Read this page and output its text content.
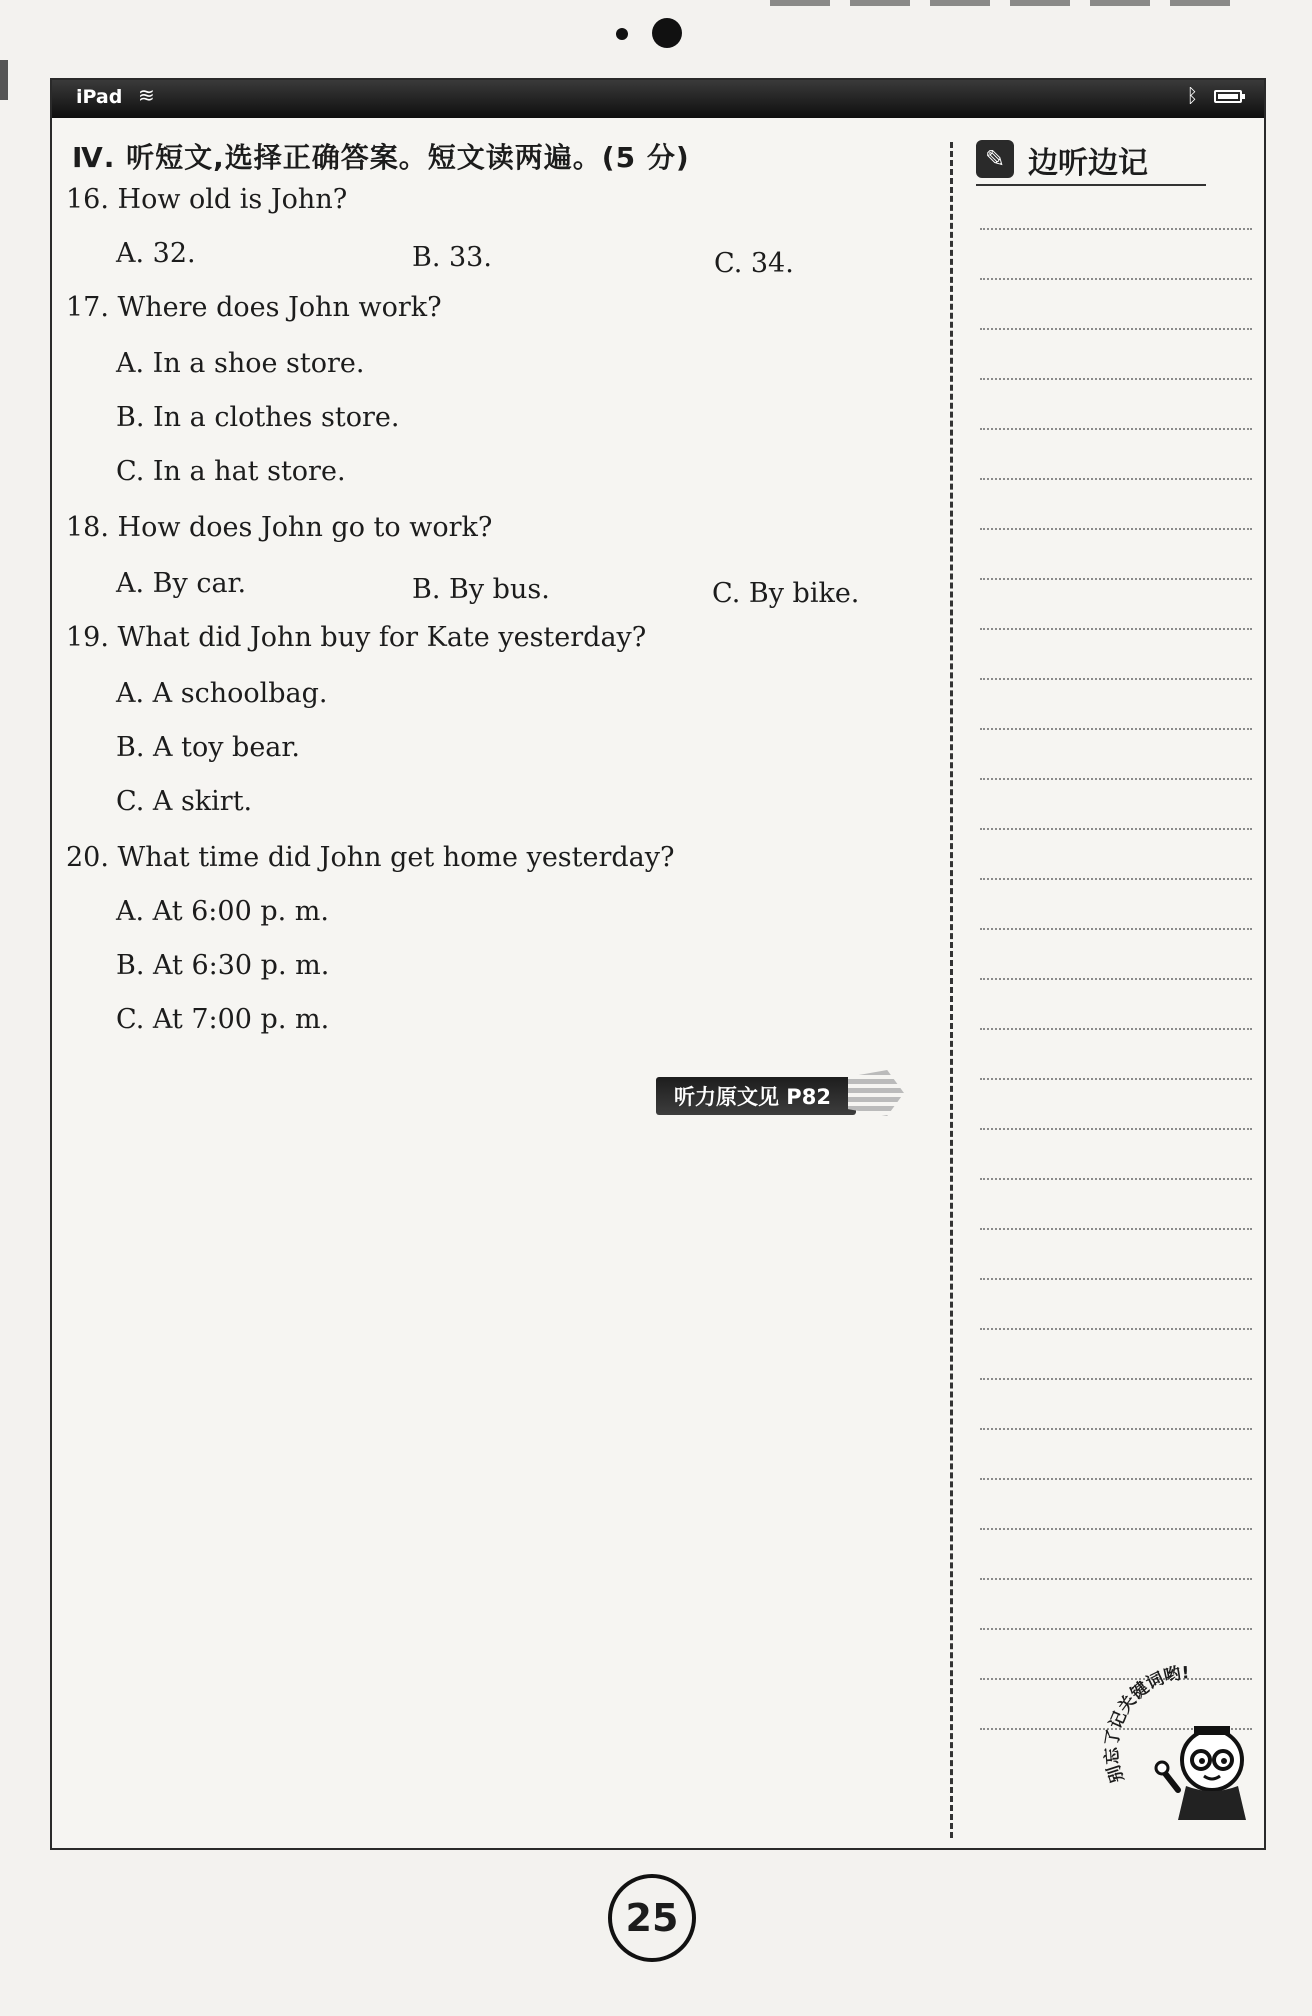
iPad ≋	ᛒ
Ⅳ. 听短文,选择正确答案。短文读两遍。(5 分)
16. How old is John?
A. 32.	B. 33.	C. 34.
17. Where does John work?
A. In a shoe store.
B. In a clothes store.
C. In a hat store.
18. How does John go to work?
A. By car.	B. By bus.	C. By bike.
19. What did John buy for Kate yesterday?
A. A schoolbag.
B. A toy bear.
C. A skirt.
20. What time did John get home yesterday?
A. At 6:00 p. m.
B. At 6:30 p. m.
C. At 7:00 p. m.
听力原文见 P82
✎ 边听边记
别忘了记关键词哟!
25
